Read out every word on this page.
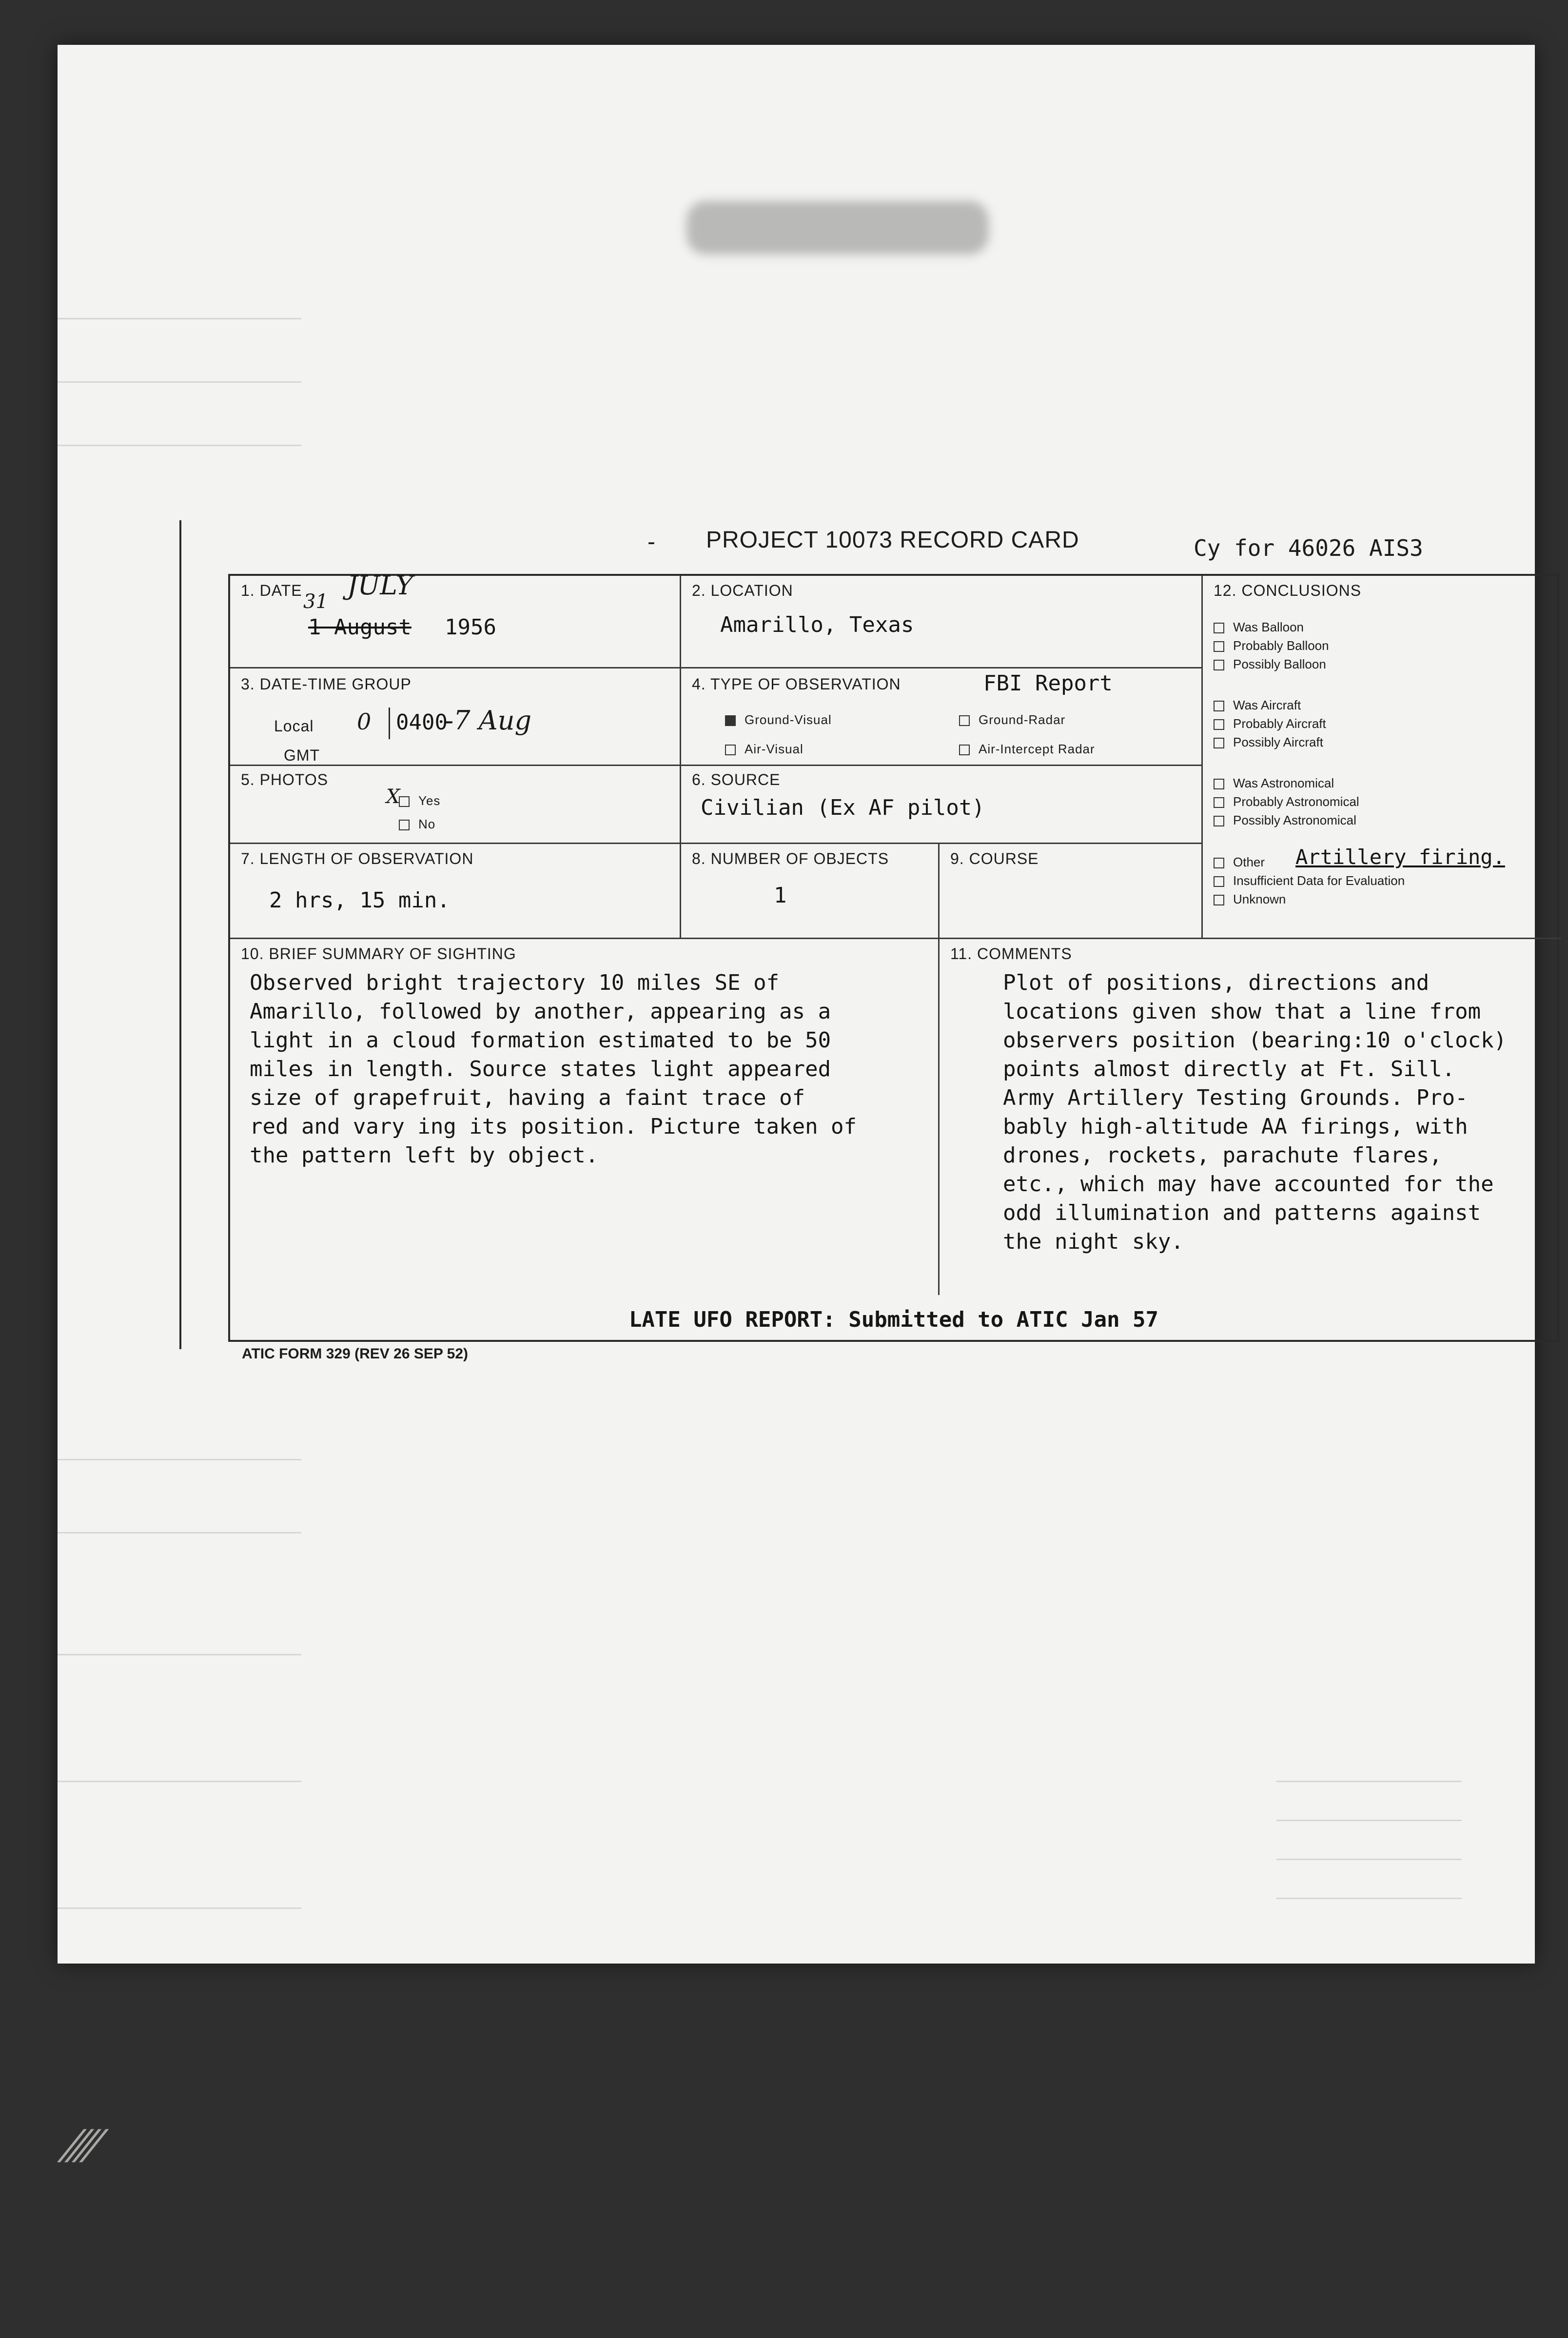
- PROJECT 10073 RECORD CARD	Cy for 46026 AIS3
1. DATE JULY
31
1 August 1956
2. LOCATION
Amarillo, Texas
12. CONCLUSIONS
Was Balloon
Probably Balloon
Possibly Balloon
Was Aircraft
Probably Aircraft
Possibly Aircraft
Was Astronomical
Probably Astronomical
Possibly Astronomical
Other Artillery firing.
Insufficient Data for Evaluation
Unknown
3. DATE-TIME GROUP
Local 0 0400
-7 Aug
GMT
4. TYPE OF OBSERVATION	FBI Report
Ground-Visual	Ground-Radar
Air-Visual	Air-Intercept Radar
5. PHOTOS
X	Yes
No
6. SOURCE
Civilian (Ex AF pilot)
7. LENGTH OF OBSERVATION
2 hrs, 15 min.
8. NUMBER OF OBJECTS
1
9. COURSE
10. BRIEF SUMMARY OF SIGHTING
Observed bright trajectory 10 miles SE of
Amarillo, followed by another, appearing as a
light in a cloud formation estimated to be 50
miles in length. Source states light appeared
size of grapefruit, having a faint trace of
red and vary ing its position. Picture taken of
the pattern left by object.
11. COMMENTS
Plot of positions, directions and
locations given show that a line from
observers position (bearing:10 o'clock)
points almost directly at Ft. Sill.
Army Artillery Testing Grounds. Pro-
bably high-altitude AA firings, with
drones, rockets, parachute flares,
etc., which may have accounted for the
odd illumination and patterns against
the night sky.
LATE UFO REPORT: Submitted to ATIC Jan 57
ATIC FORM 329 (REV 26 SEP 52)
⁄⁄⁄⁄
